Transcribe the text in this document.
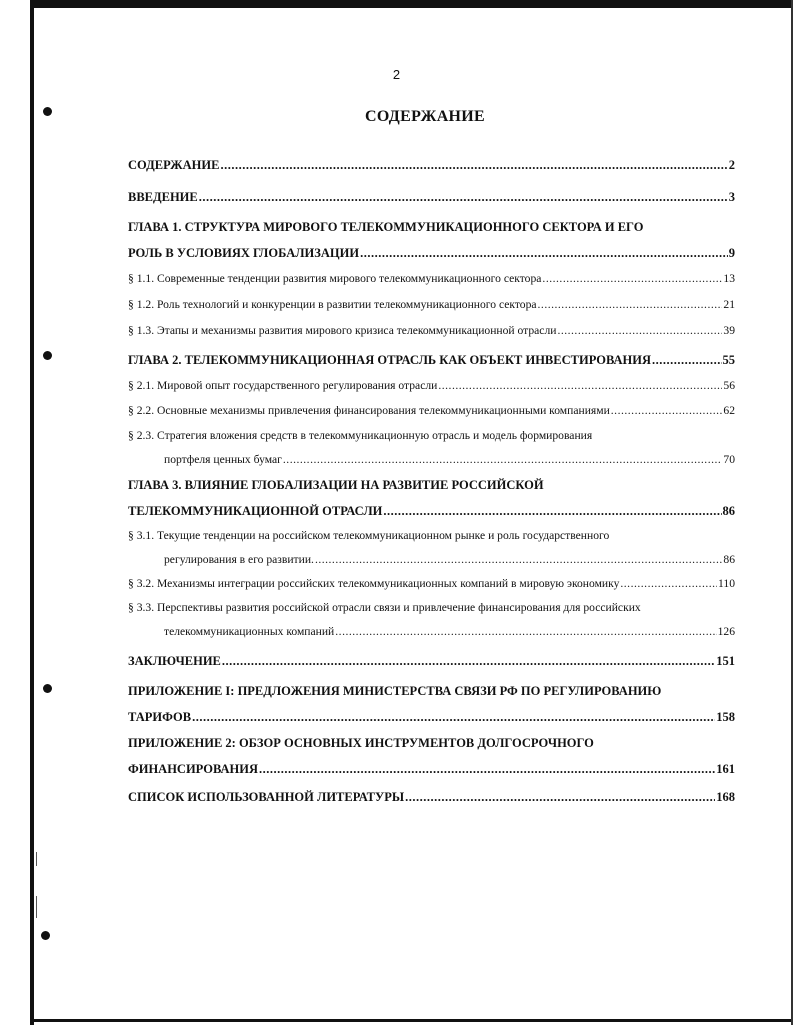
2
СОДЕРЖАНИЕ
СОДЕРЖАНИЕ .....	2
ВВЕДЕНИЕ .....	3
ГЛАВА 1. СТРУКТУРА МИРОВОГО ТЕЛЕКОММУНИКАЦИОННОГО СЕКТОРА И ЕГО
РОЛЬ В УСЛОВИЯХ ГЛОБАЛИЗАЦИИ .....	9
§ 1.1. Современные тенденции развития мирового телекоммуникационного сектора .....	13
§ 1.2. Роль технологий и конкуренции в развитии телекоммуникационного сектора .....	21
§ 1.3. Этапы и механизмы развития мирового кризиса телекоммуникационной отрасли .....	39
ГЛАВА 2. ТЕЛЕКОММУНИКАЦИОННАЯ ОТРАСЛЬ КАК ОБЪЕКТ ИНВЕСТИРОВАНИЯ .....	55
§ 2.1. Мировой опыт государственного регулирования отрасли .....	56
§ 2.2. Основные механизмы привлечения финансирования телекоммуникационными компаниями .....	62
§ 2.3. Стратегия вложения средств в телекоммуникационную отрасль и модель формирования
портфеля ценных бумаг .....	70
ГЛАВА 3. ВЛИЯНИЕ ГЛОБАЛИЗАЦИИ НА РАЗВИТИЕ РОССИЙСКОЙ
ТЕЛЕКОММУНИКАЦИОННОЙ ОТРАСЛИ .....	86
§ 3.1. Текущие тенденции на российском телекоммуникационном рынке и роль государственного
регулирования в его развитии. .....	86
§ 3.2. Механизмы интеграции российских телекоммуникационных компаний в мировую экономику .....	110
§ 3.3. Перспективы развития российской отрасли связи и привлечение финансирования для российских
телекоммуникационных компаний .....	126
ЗАКЛЮЧЕНИЕ .....	151
ПРИЛОЖЕНИЕ I: ПРЕДЛОЖЕНИЯ МИНИСТЕРСТВА СВЯЗИ РФ ПО РЕГУЛИРОВАНИЮ
ТАРИФОВ .....	158
ПРИЛОЖЕНИЕ 2: ОБЗОР ОСНОВНЫХ ИНСТРУМЕНТОВ ДОЛГОСРОЧНОГО
ФИНАНСИРОВАНИЯ .....	161
СПИСОК ИСПОЛЬЗОВАННОЙ ЛИТЕРАТУРЫ .....	168
